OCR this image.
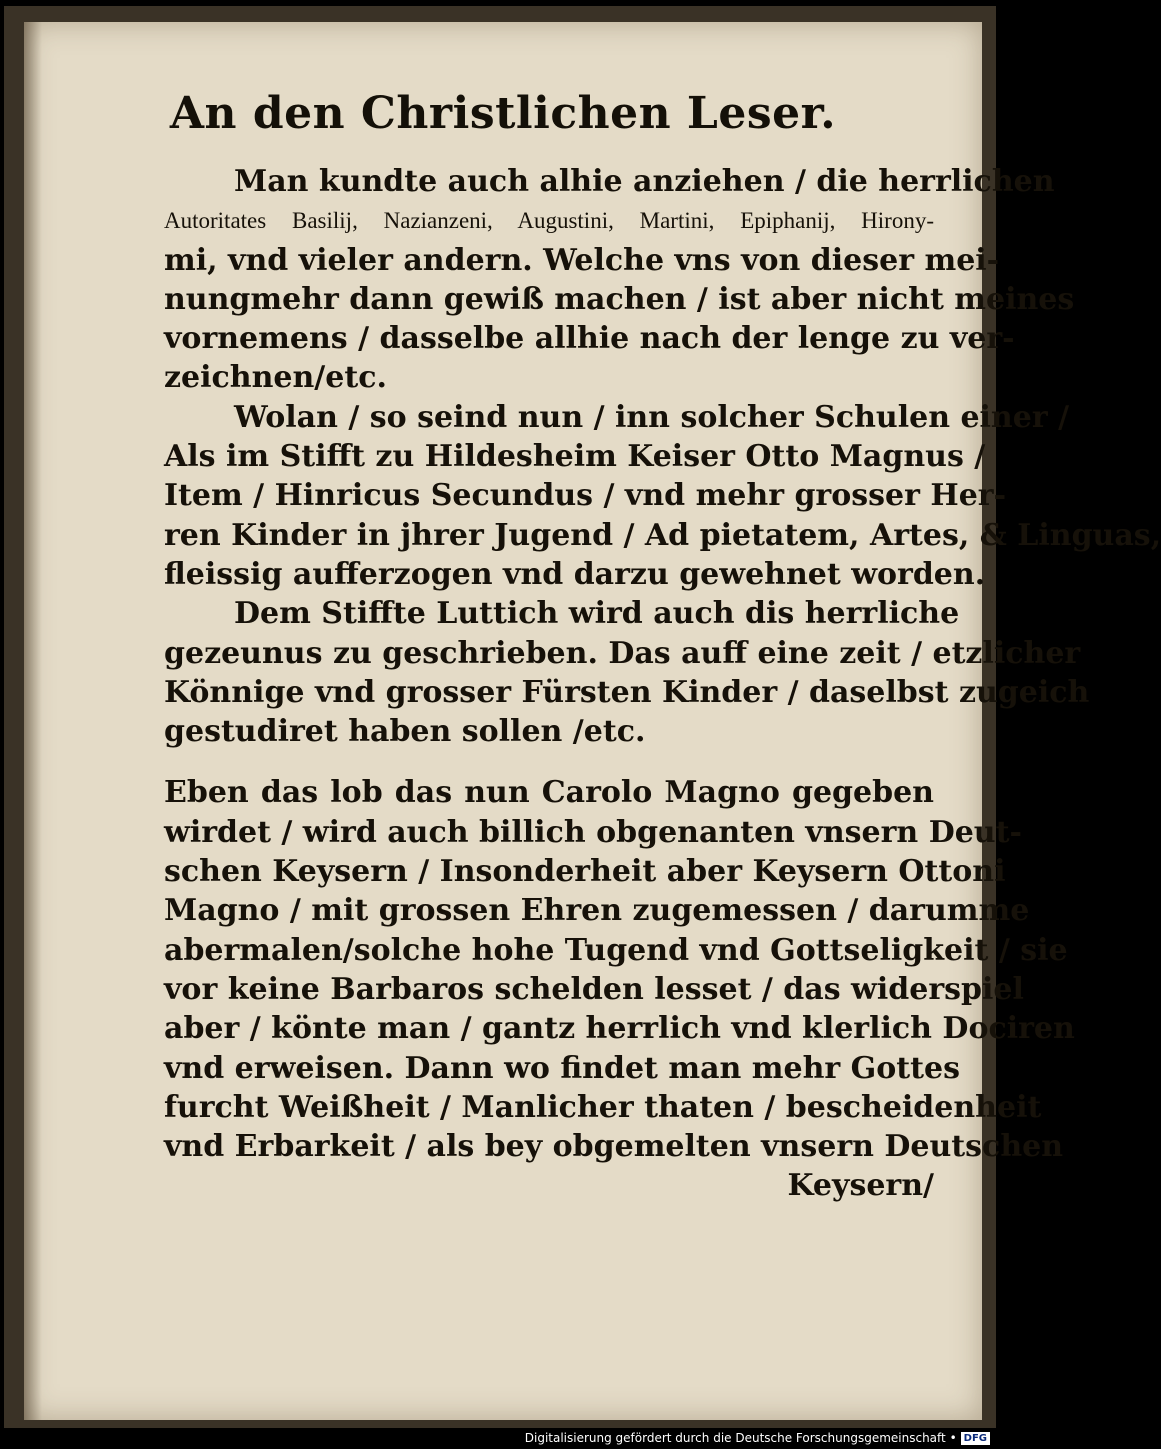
An den Christlichen Leser.
Man kundte auch alhie anziehen / die herrlichen
Autoritates Basilij, Nazianzeni, Augustini, Martini, Epiphanij, Hirony-
mi, vnd vieler andern. Welche vns von dieser mei-
nungmehr dann gewiß machen / ist aber nicht meines
vornemens / dasselbe allhie nach der lenge zu ver-
zeichnen/etc.
Wolan / so seind nun / inn solcher Schulen einer /
Als im Stifft zu Hildesheim Keiser Otto Magnus /
Item / Hinricus Secundus / vnd mehr grosser Her-
ren Kinder in jhrer Jugend / Ad pietatem, Artes, & Linguas,
fleissig aufferzogen vnd darzu gewehnet worden.
Dem Stiffte Luttich wird auch dis herrliche
gezeunus zu geschrieben. Das auff eine zeit / etzlicher
Könnige vnd grosser Fürsten Kinder / daselbst zugeich
gestudiret haben sollen /etc.
Eben das lob das nun Carolo Magno gegeben
wirdet / wird auch billich obgenanten vnsern Deut-
schen Keysern / Insonderheit aber Keysern Ottoni
Magno / mit grossen Ehren zugemessen / darumme
abermalen/solche hohe Tugend vnd Gottseligkeit / sie
vor keine Barbaros schelden lesset / das widerspiel
aber / könte man / gantz herrlich vnd klerlich Dociren
vnd erweisen. Dann wo findet man mehr Gottes
furcht Weißheit / Manlicher thaten / bescheidenheit
vnd Erbarkeit / als bey obgemelten vnsern Deutschen
Keysern/
Digitalisierung gefördert durch die Deutsche Forschungsgemeinschaft • DFG
